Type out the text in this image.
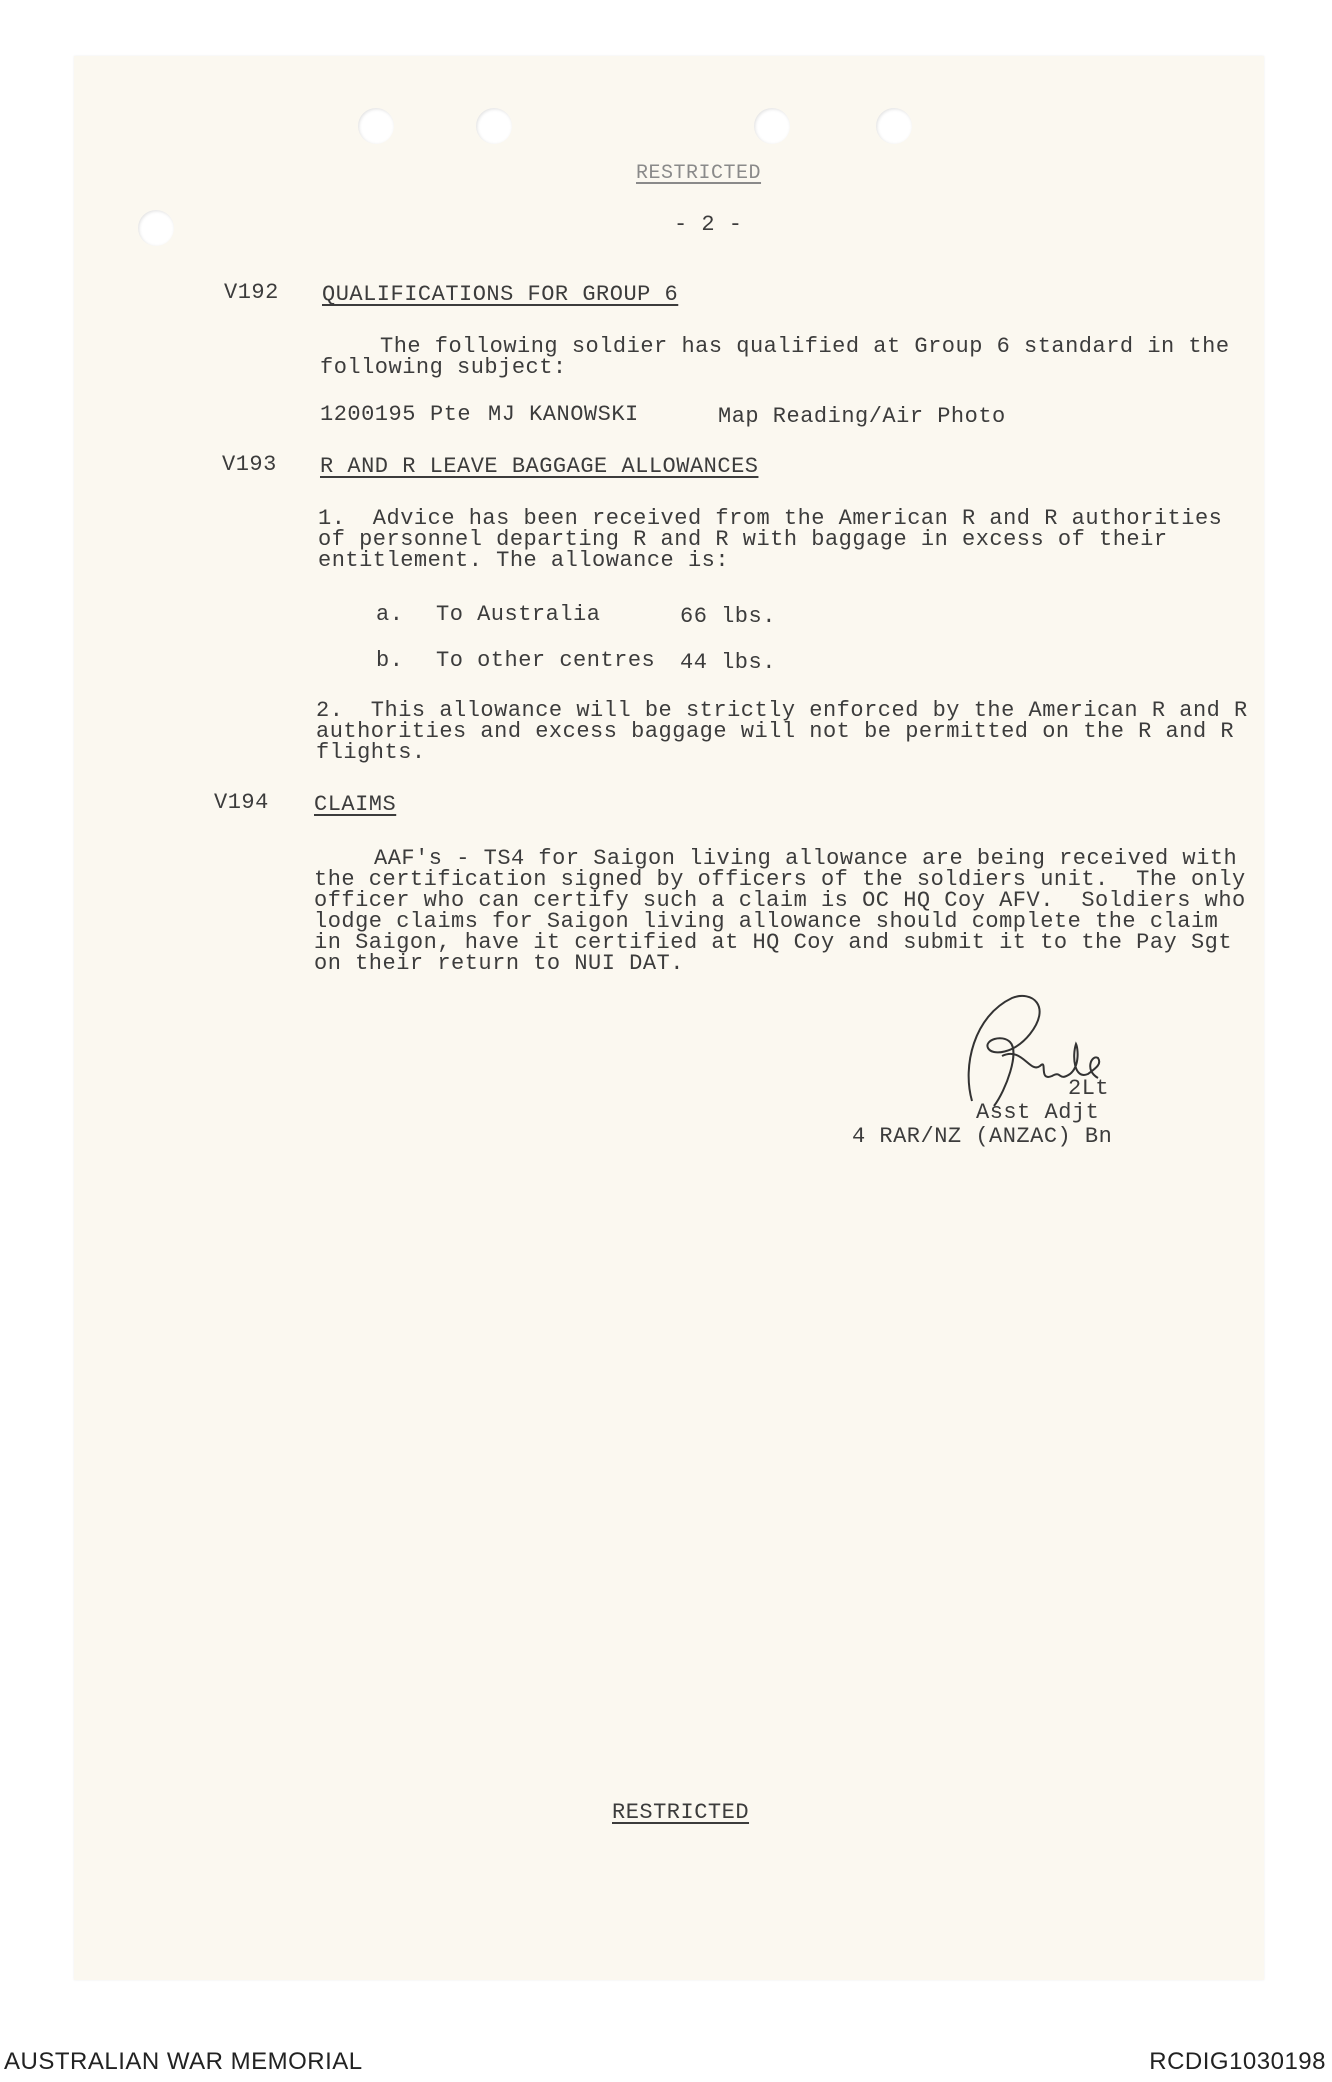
RESTRICTED
- 2 -
V192 QUALIFICATIONS FOR GROUP 6
The following soldier has qualified at Group 6 standard in the
following subject:
1200195 Pte MJ KANOWSKI	Map Reading/Air Photo
V193 R AND R LEAVE BAGGAGE ALLOWANCES
1.  Advice has been received from the American R and R authorities
of personnel departing R and R with baggage in excess of their
entitlement. The allowance is:
a. To Australia	66 lbs.
b. To other centres 44 lbs.
2.  This allowance will be strictly enforced by the American R and R
authorities and excess baggage will not be permitted on the R and R
flights.
V194 CLAIMS
AAF's - TS4 for Saigon living allowance are being received with
the certification signed by officers of the soldiers unit.  The only
officer who can certify such a claim is OC HQ Coy AFV.  Soldiers who
lodge claims for Saigon living allowance should complete the claim
in Saigon, have it certified at HQ Coy and submit it to the Pay Sgt
on their return to NUI DAT.
2Lt
Asst Adjt
4 RAR/NZ (ANZAC) Bn
RESTRICTED
AUSTRALIAN WAR MEMORIAL	RCDIG1030198
